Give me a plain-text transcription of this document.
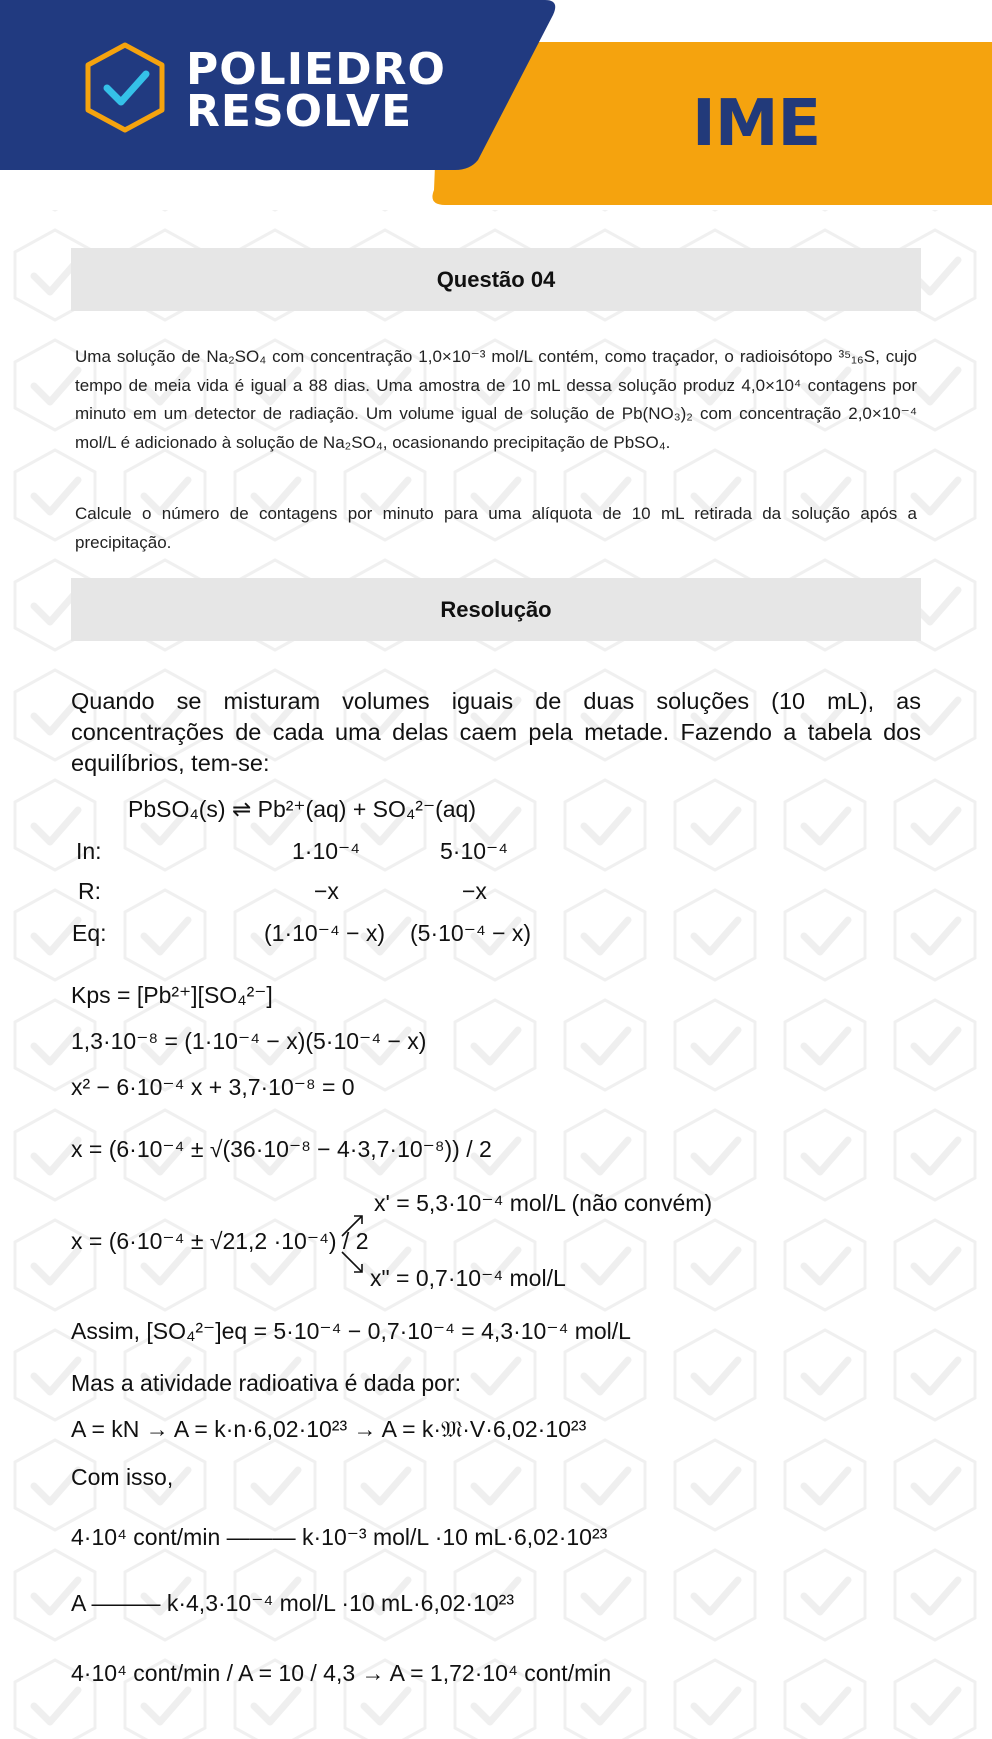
POLIEDRO
RESOLVE	IME
Questão 04
Uma solução de Na₂SO₄ com concentração 1,0×10⁻³ mol/L contém, como traçador, o radioisótopo ³⁵₁₆S, cujo tempo de meia vida é igual a 88 dias. Uma amostra de 10 mL dessa solução produz 4,0×10⁴ contagens por minuto em um detector de radiação. Um volume igual de solução de Pb(NO₃)₂ com concentração 2,0×10⁻⁴ mol/L é adicionado à solução de Na₂SO₄, ocasionando precipitação de PbSO₄.
Calcule o número de contagens por minuto para uma alíquota de 10 mL retirada da solução após a precipitação.
Resolução
Quando se misturam volumes iguais de duas soluções (10 mL), as concentrações de cada uma delas caem pela metade. Fazendo a tabela dos equilíbrios, tem-se:
PbSO₄(s) ⇌ Pb²⁺(aq) + SO₄²⁻(aq)
In:	1·10⁻⁴	5·10⁻⁴
R:	−x	−x
Eq:	(1·10⁻⁴ − x) (5·10⁻⁴ − x)
Kps = [Pb²⁺][SO₄²⁻]
1,3·10⁻⁸ = (1·10⁻⁴ − x)(5·10⁻⁴ − x)
x² − 6·10⁻⁴ x + 3,7·10⁻⁸ = 0
x = (6·10⁻⁴ ± √(36·10⁻⁸ − 4·3,7·10⁻⁸)) / 2
x = (6·10⁻⁴ ± √21,2 ·10⁻⁴) / 2
x' = 5,3·10⁻⁴ mol/L (não convém)
x" = 0,7·10⁻⁴ mol/L
Assim, [SO₄²⁻]eq = 5·10⁻⁴ − 0,7·10⁻⁴ = 4,3·10⁻⁴ mol/L
Mas a atividade radioativa é dada por:
A = kN → A = k·n·6,02·10²³ → A = k·𝔐·V·6,02·10²³
Com isso,
4·10⁴ cont/min ——— k·10⁻³ mol/L ·10 mL·6,02·10²³
A ——— k·4,3·10⁻⁴ mol/L ·10 mL·6,02·10²³
4·10⁴ cont/min / A = 10 / 4,3 → A = 1,72·10⁴ cont/min
